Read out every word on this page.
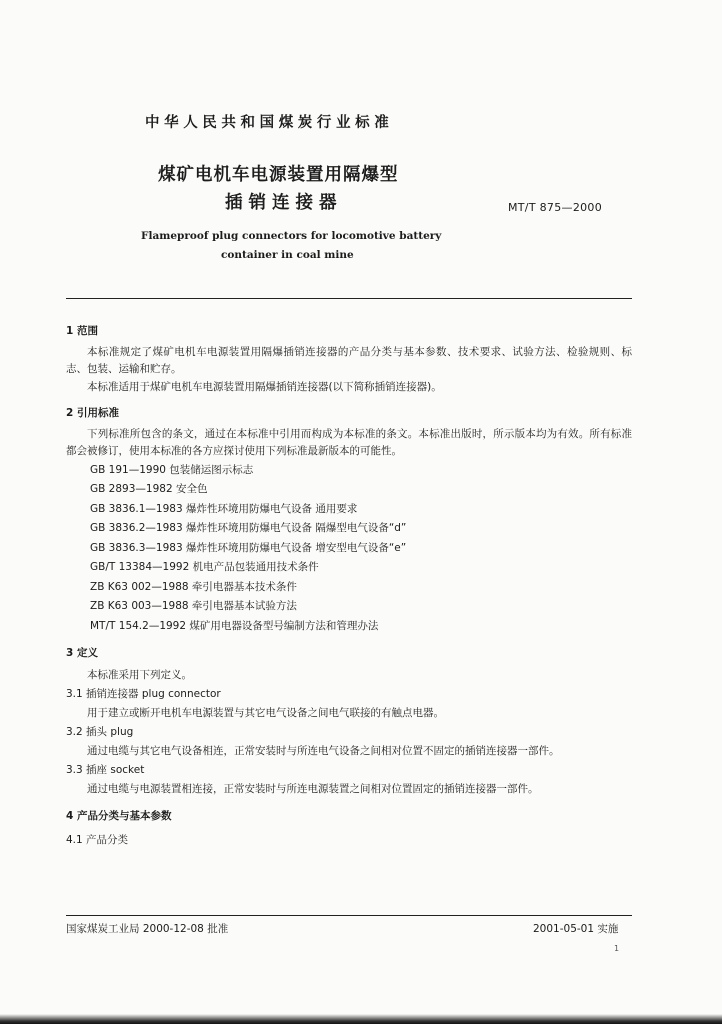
中华人民共和国煤炭行业标准
煤矿电机车电源装置用隔爆型
插销连接器	MT/T 875—2000
Flameproof plug connectors for locomotive battery
container in coal mine
1 范围
本标准规定了煤矿电机车电源装置用隔爆插销连接器的产品分类与基本参数、技术要求、试验方法、检验规则、标志、包装、运输和贮存。
本标准适用于煤矿电机车电源装置用隔爆插销连接器(以下简称插销连接器)。
2 引用标准
下列标准所包含的条文，通过在本标准中引用而构成为本标准的条文。本标准出版时，所示版本均为有效。所有标准都会被修订，使用本标准的各方应探讨使用下列标准最新版本的可能性。
GB 191—1990 包装储运图示标志
GB 2893—1982 安全色
GB 3836.1—1983 爆炸性环境用防爆电气设备 通用要求
GB 3836.2—1983 爆炸性环境用防爆电气设备 隔爆型电气设备“d”
GB 3836.3—1983 爆炸性环境用防爆电气设备 增安型电气设备“e”
GB/T 13384—1992 机电产品包装通用技术条件
ZB K63 002—1988 牵引电器基本技术条件
ZB K63 003—1988 牵引电器基本试验方法
MT/T 154.2—1992 煤矿用电器设备型号编制方法和管理办法
3 定义
本标准采用下列定义。
3.1 插销连接器 plug connector
用于建立或断开电机车电源装置与其它电气设备之间电气联接的有触点电器。
3.2 插头 plug
通过电缆与其它电气设备相连，正常安装时与所连电气设备之间相对位置不固定的插销连接器一部件。
3.3 插座 socket
通过电缆与电源装置相连接，正常安装时与所连电源装置之间相对位置固定的插销连接器一部件。
4 产品分类与基本参数
4.1 产品分类
国家煤炭工业局 2000-12-08 批准	2001-05-01 实施
1
